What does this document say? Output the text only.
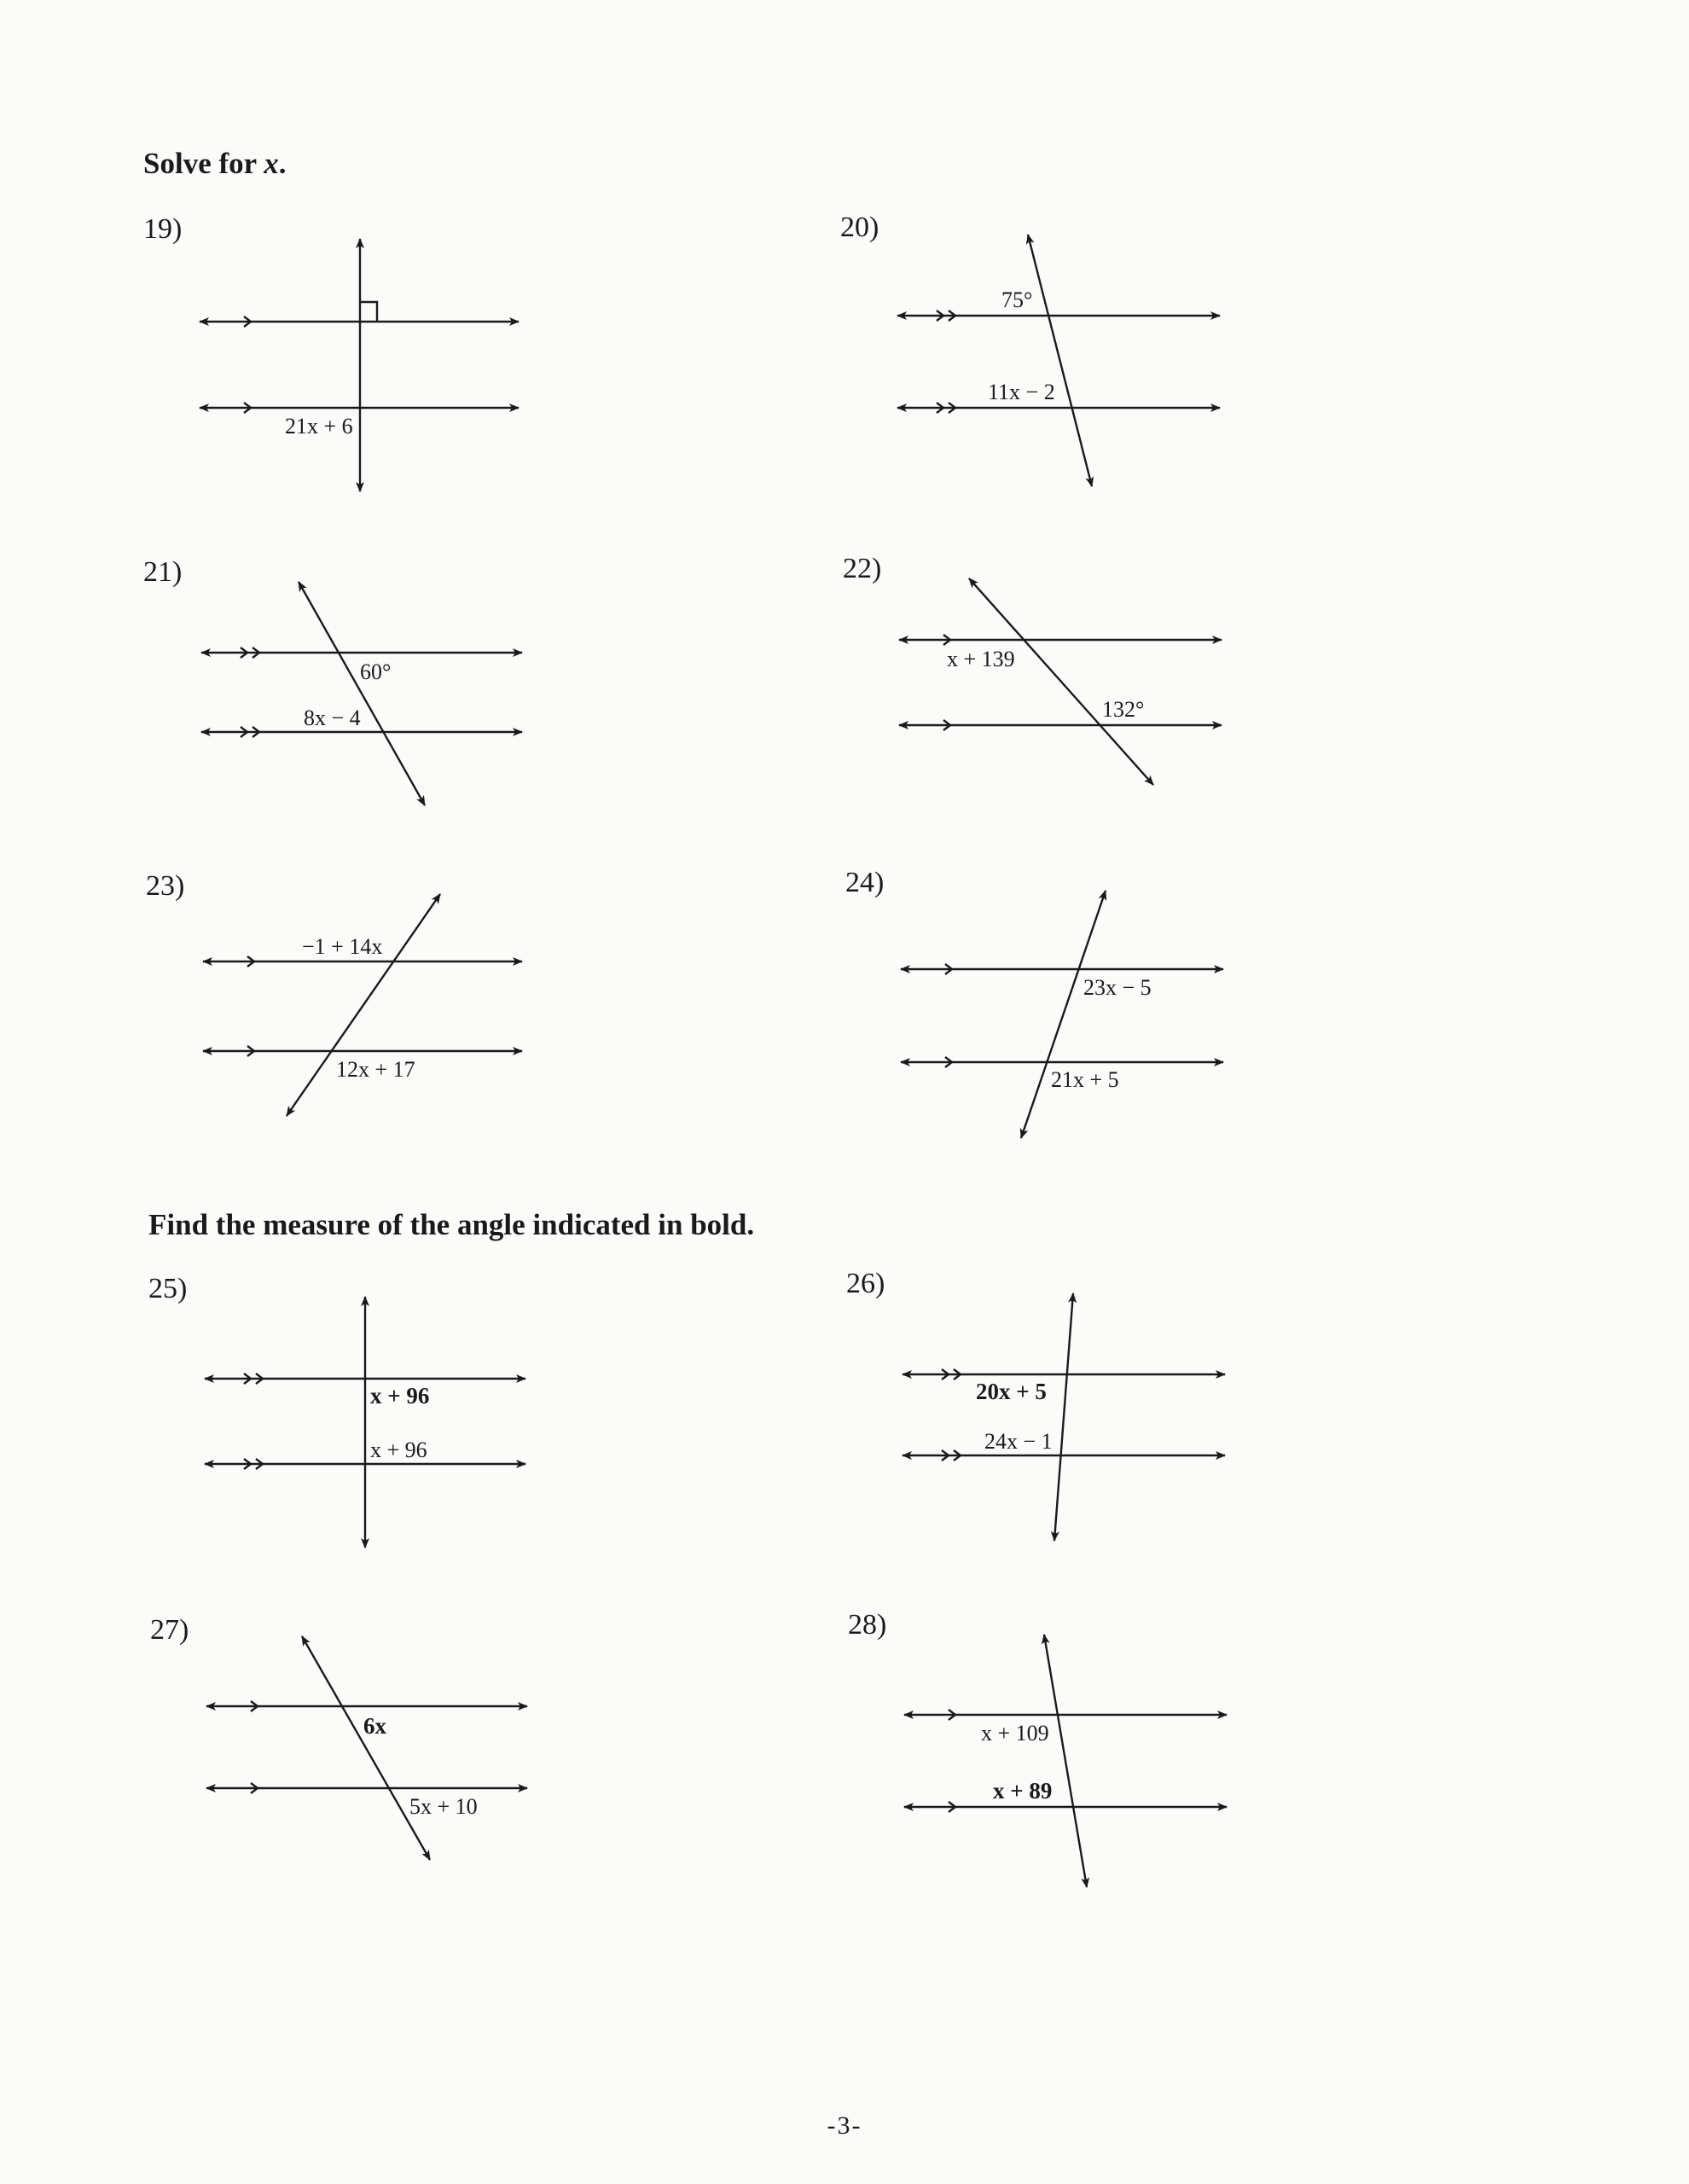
Solve for x.
Find the measure of the angle indicated in bold.
19)	20)
21)	22)
23)	24)
25)	26)
27)	28)
21x + 6
75°
11x − 2
60°
8x − 4
x + 139
132°
−1 + 14x
12x + 17
23x − 5
21x + 5
x + 96
x + 96
20x + 5
24x − 1
6x
5x + 10
x + 109
x + 89
-3-
